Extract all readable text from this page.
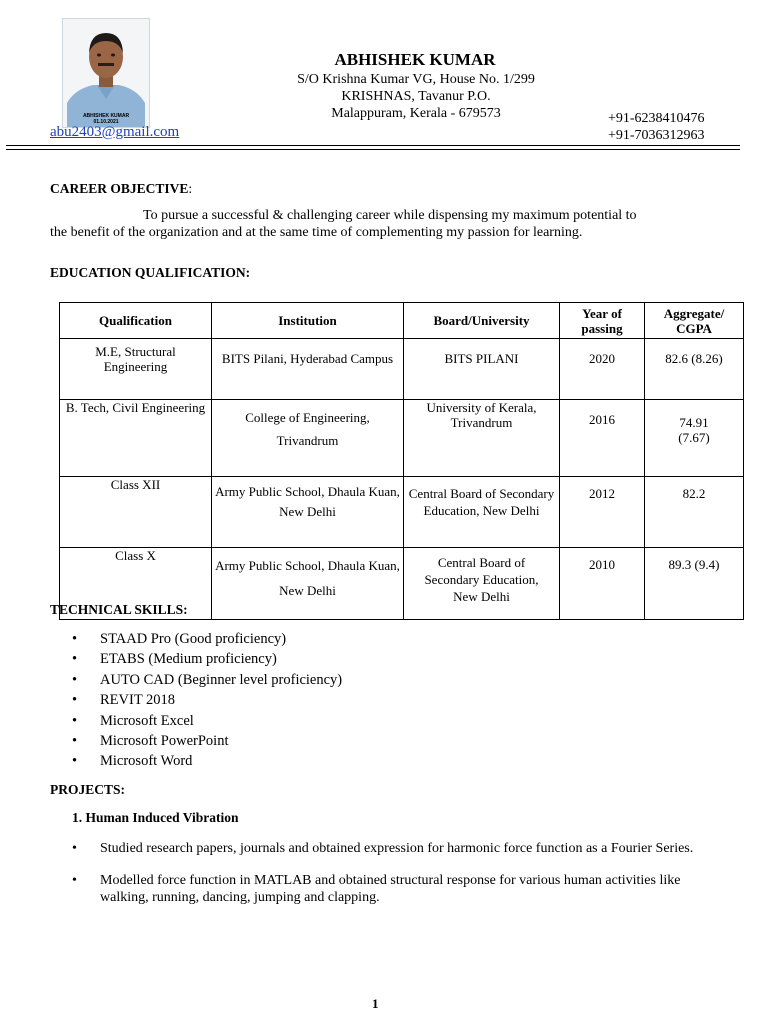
ABHISHEK KUMAR
01.10.2021
ABHISHEK KUMAR
S/O Krishna Kumar VG, House No. 1/299
KRISHNAS, Tavanur P.O.
Malappuram, Kerala - 679573
abu2403@gmail.com
+91-6238410476
+91-7036312963
CAREER OBJECTIVE:
To pursue a successful & challenging career while dispensing my maximum potential to
the benefit of the organization and at the same time of complementing my passion for learning.
EDUCATION QUALIFICATION:
Qualification	Institution	Board/University	Year of passing	Aggregate/ CGPA

M.E, Structural Engineering	BITS Pilani, Hyderabad Campus	BITS PILANI	2020	82.6 (8.26)

B. Tech, Civil Engineering	College of Engineering, Trivandrum	University of Kerala, Trivandrum	2016	74.91 (7.67)

Class XII	Army Public School, Dhaula Kuan, New Delhi	Central Board of Secondary Education, New Delhi	2012	82.2
Class X	Army Public School, Dhaula Kuan, New Delhi	Central Board of Secondary Education, New Delhi	2010	89.3 (9.4)
TECHNICAL SKILLS:
• STAAD Pro (Good proficiency)
• ETABS (Medium proficiency)
• AUTO CAD (Beginner level proficiency)
• REVIT 2018
• Microsoft Excel
• Microsoft PowerPoint
• Microsoft Word
PROJECTS:
1. Human Induced Vibration
• Studied research papers, journals and obtained expression for harmonic force function as a Fourier Series.
• Modelled force function in MATLAB and obtained structural response for various human activities like walking, running, dancing, jumping and clapping.
1
